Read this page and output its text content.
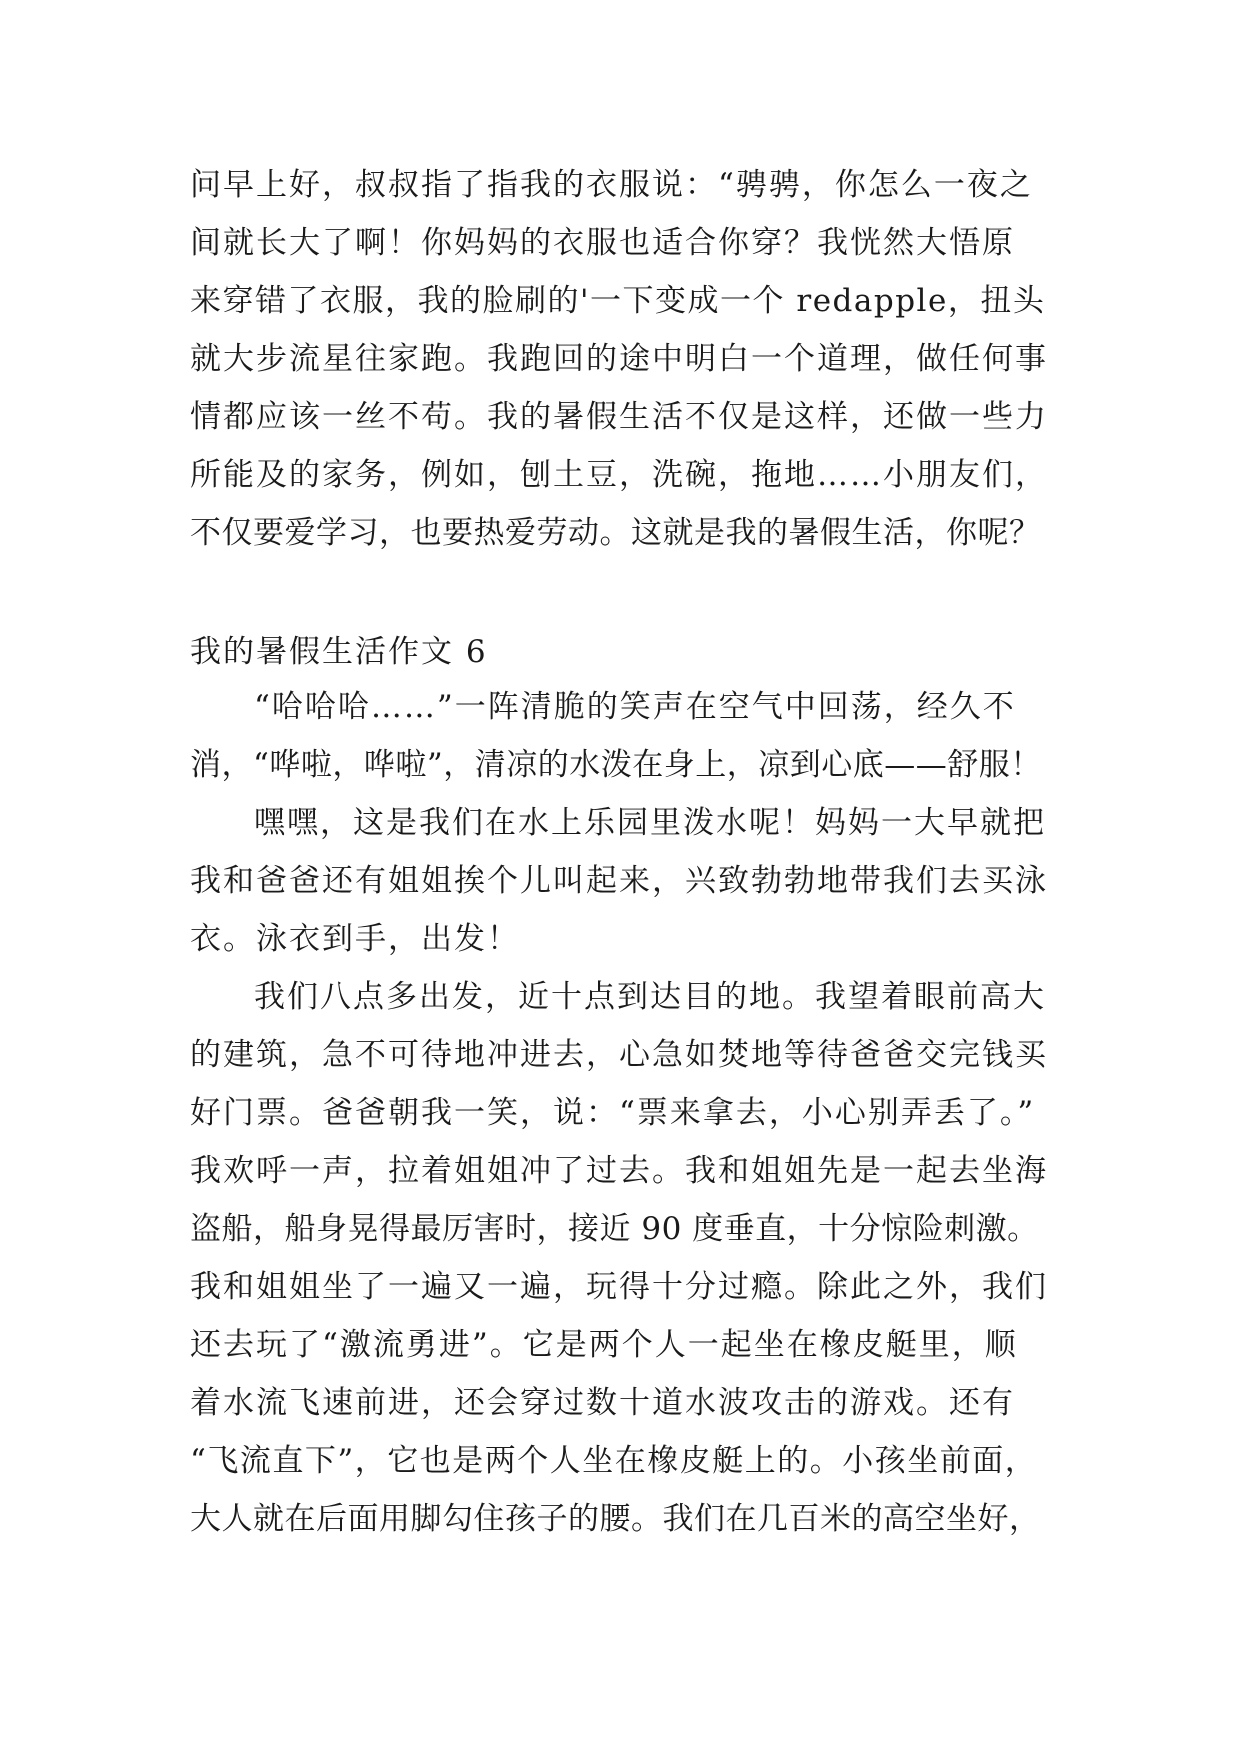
问早上好，叔叔指了指我的衣服说：“骋骋，你怎么一夜之
间就长大了啊！你妈妈的衣服也适合你穿？我恍然大悟原
来穿错了衣服，我的脸刷的'一下变成一个 redapple，扭头
就大步流星往家跑。我跑回的途中明白一个道理，做任何事
情都应该一丝不苟。我的暑假生活不仅是这样，还做一些力
所能及的家务，例如，刨土豆，洗碗，拖地……小朋友们，
不仅要爱学习，也要热爱劳动。这就是我的暑假生活，你呢？
我的暑假生活作文 6
“哈哈哈……”一阵清脆的笑声在空气中回荡，经久不
消，“哗啦，哗啦”，清凉的水泼在身上，凉到心底——舒服！
嘿嘿，这是我们在水上乐园里泼水呢！妈妈一大早就把
我和爸爸还有姐姐挨个儿叫起来，兴致勃勃地带我们去买泳
衣。泳衣到手，出发！
我们八点多出发，近十点到达目的地。我望着眼前高大
的建筑，急不可待地冲进去，心急如焚地等待爸爸交完钱买
好门票。爸爸朝我一笑，说：“票来拿去，小心别弄丢了。”
我欢呼一声，拉着姐姐冲了过去。我和姐姐先是一起去坐海
盗船，船身晃得最厉害时，接近 90 度垂直，十分惊险刺激。
我和姐姐坐了一遍又一遍，玩得十分过瘾。除此之外，我们
还去玩了“激流勇进”。它是两个人一起坐在橡皮艇里，顺
着水流飞速前进，还会穿过数十道水波攻击的游戏。还有
“飞流直下”，它也是两个人坐在橡皮艇上的。小孩坐前面，
大人就在后面用脚勾住孩子的腰。我们在几百米的高空坐好，
